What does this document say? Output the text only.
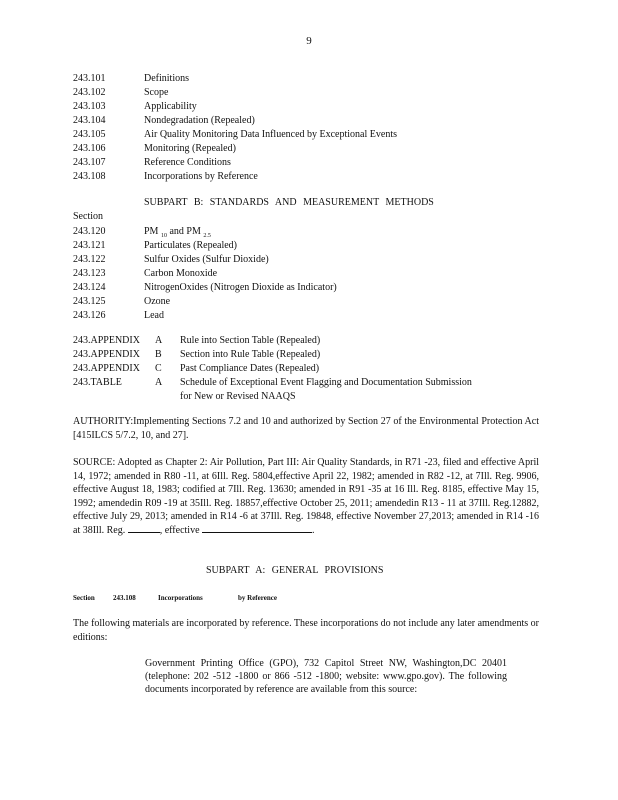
9
243.101	Definitions
243.102	Scope
243.103	Applicability
243.104	Nondegradation (Repealed)
243.105	Air Quality Monitoring Data Influenced by Exceptional Events
243.106	Monitoring (Repealed)
243.107	Reference Conditions
243.108	Incorporations by Reference
SUBPART B: STANDARDS AND MEASUREMENT METHODS
Section
243.120	PM $_{10}$ and PM $_{2.5}$
243.121	Particulates (Repealed)
243.122	Sulfur Oxides (Sulfur Dioxide)
243.123	Carbon Monoxide
243.124	NitrogenOxides (Nitrogen Dioxide as Indicator)
243.125	Ozone
243.126	Lead
243.APPENDIX A Rule into Section Table (Repealed)
243.APPENDIX B Section into Rule Table (Repealed)
243.APPENDIX C Past Compliance Dates (Repealed)
243.TABLE	A Schedule of Exceptional Event Flagging and Documentation Submission
for New or Revised NAAQS
AUTHORITY:Implementing Sections 7.2 and 10 and authorized by Section 27 of the Environmental Protection Act [415ILCS 5/7.2, 10, and 27].
SOURCE: Adopted as Chapter 2: Air Pollution, Part III: Air Quality Standards, in R71 -23, filed and effective April 14, 1972; amended in R80 -11, at 6Ill. Reg. 5804,effective April 22, 1982; amended in R82 -12, at 7Ill. Reg. 9906, effective August 18, 1983; codified at 7Ill. Reg. 13630; amended in R91 -35 at 16 Ill. Reg. 8185, effective May 15, 1992; amendedin R09 -19 at 35Ill. Reg. 18857,effective October 25, 2011; amendedin R13 - 11 at 37Ill. Reg.12882, effective July 29, 2013; amended in R14 -6 at 37Ill. Reg. 19848, effective November 27,2013; amended in R14 -16 at 38Ill. Reg.	, effective	.
SUBPART A: GENERAL PROVISIONS
Section	243.108	Incorporations	by Reference
The following materials are incorporated by reference. These incorporations do not include any later amendments or editions:
Government Printing Office (GPO), 732 Capitol Street NW, Washington,DC 20401 (telephone: 202 -512 -1800 or 866 -512 -1800; website: www.gpo.gov). The following documents incorporated by reference are available from this source:
